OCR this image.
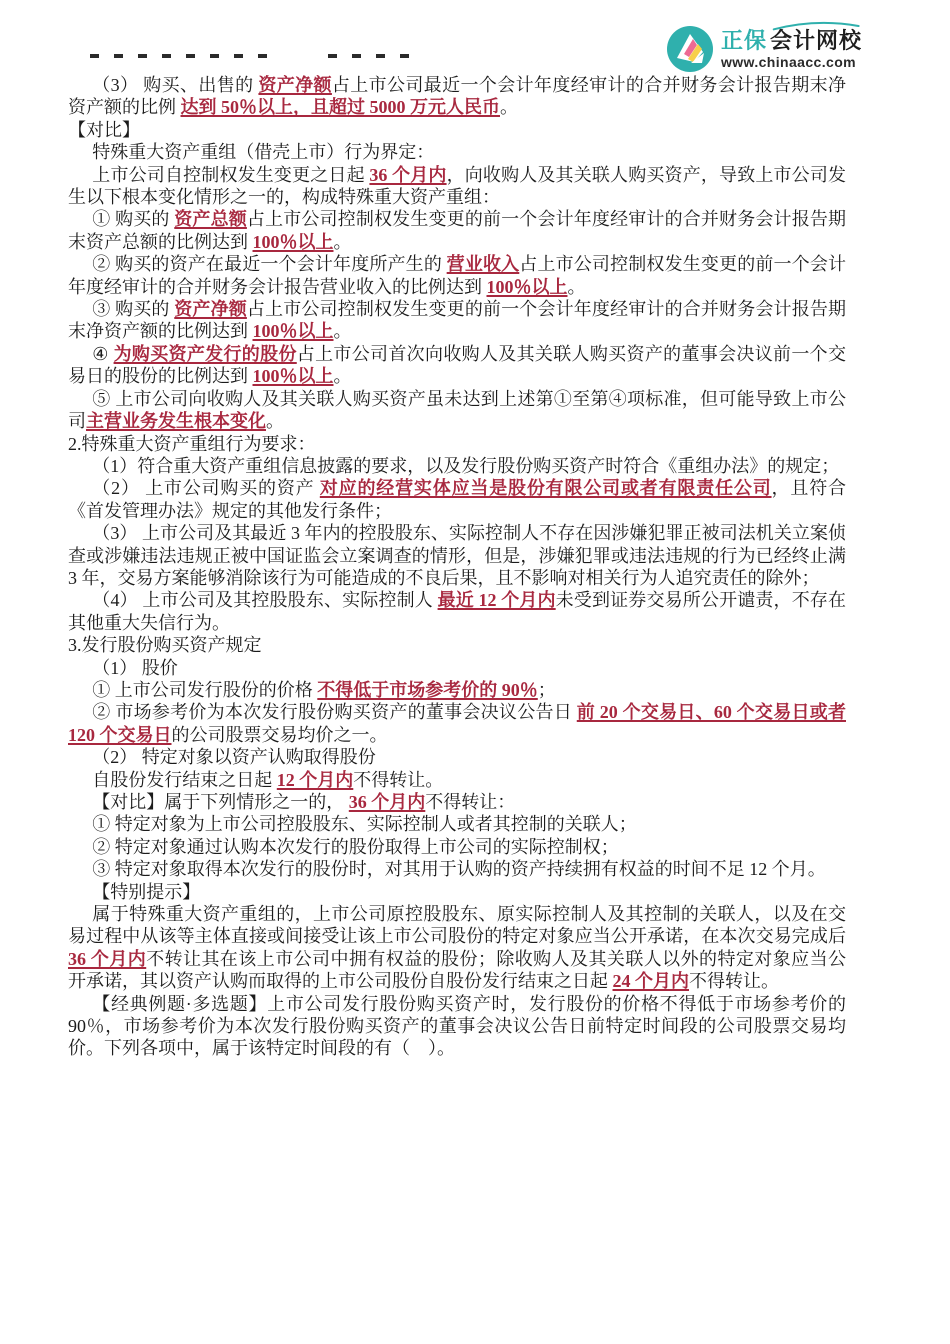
正保 会计网校
www.chinaacc.com

（3） 购买、出售的 资产净额占上市公司最近一个会计年度经审计的合并财务会计报告期末净资产额的比例 达到 50％以上，且超过 5000 万元人民币。

【对比】

特殊重大资产重组（借壳上市）行为界定：

上市公司自控制权发生变更之日起 36 个月内，向收购人及其关联人购买资产，导致上市公司发生以下根本变化情形之一的，构成特殊重大资产重组：

① 购买的 资产总额占上市公司控制权发生变更的前一个会计年度经审计的合并财务会计报告期末资产总额的比例达到 100％以上。

② 购买的资产在最近一个会计年度所产生的 营业收入占上市公司控制权发生变更的前一个会计年度经审计的合并财务会计报告营业收入的比例达到 100％以上。

③ 购买的 资产净额占上市公司控制权发生变更的前一个会计年度经审计的合并财务会计报告期末净资产额的比例达到 100％以上。

④ 为购买资产发行的股份占上市公司首次向收购人及其关联人购买资产的董事会决议前一个交易日的股份的比例达到 100％以上。

⑤ 上市公司向收购人及其关联人购买资产虽未达到上述第①至第④项标准，但可能导致上市公司主营业务发生根本变化。

2.特殊重大资产重组行为要求：

（1）符合重大资产重组信息披露的要求，以及发行股份购买资产时符合《重组办法》的规定；

（2） 上市公司购买的资产 对应的经营实体应当是股份有限公司或者有限责任公司，且符合《首发管理办法》规定的其他发行条件；

（3） 上市公司及其最近 3 年内的控股股东、实际控制人不存在因涉嫌犯罪正被司法机关立案侦查或涉嫌违法违规正被中国证监会立案调查的情形，但是，涉嫌犯罪或违法违规的行为已经终止满 3 年，交易方案能够消除该行为可能造成的不良后果，且不影响对相关行为人追究责任的除外；

（4） 上市公司及其控股股东、实际控制人 最近 12 个月内未受到证券交易所公开谴责，不存在其他重大失信行为。

3.发行股份购买资产规定

（1） 股价

① 上市公司发行股份的价格 不得低于市场参考价的 90％；

② 市场参考价为本次发行股份购买资产的董事会决议公告日 前 20 个交易日、60 个交易日或者 120 个交易日的公司股票交易均价之一。

（2） 特定对象以资产认购取得股份

自股份发行结束之日起 12 个月内不得转让。

【对比】属于下列情形之一的， 36 个月内不得转让：

① 特定对象为上市公司控股股东、实际控制人或者其控制的关联人；

② 特定对象通过认购本次发行的股份取得上市公司的实际控制权；

③ 特定对象取得本次发行的股份时，对其用于认购的资产持续拥有权益的时间不足 12 个月。

【特别提示】

属于特殊重大资产重组的，上市公司原控股股东、原实际控制人及其控制的关联人，以及在交易过程中从该等主体直接或间接受让该上市公司股份的特定对象应当公开承诺，在本次交易完成后 36 个月内不转让其在该上市公司中拥有权益的股份；除收购人及其关联人以外的特定对象应当公开承诺，其以资产认购而取得的上市公司股份自股份发行结束之日起 24 个月内不得转让。

【经典例题·多选题】上市公司发行股份购买资产时，发行股份的价格不得低于市场参考价的 90％，市场参考价为本次发行股份购买资产的董事会决议公告日前特定时间段的公司股票交易均价。下列各项中，属于该特定时间段的有（　）。
